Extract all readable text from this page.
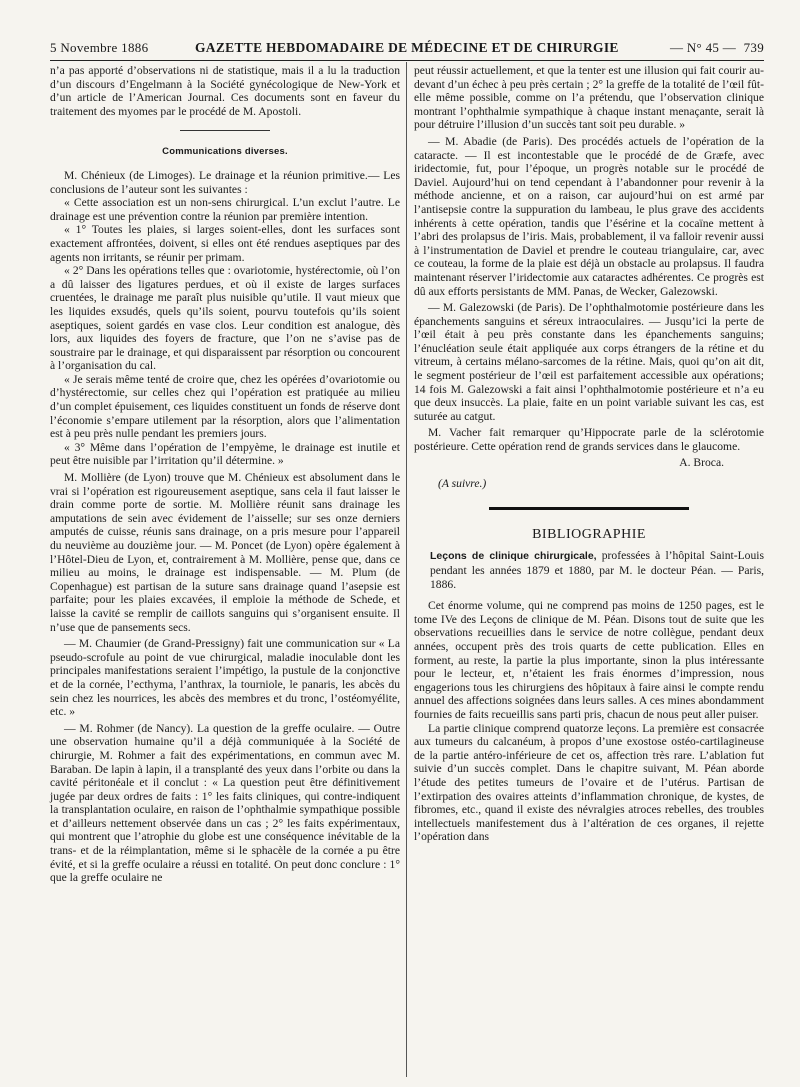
5 Novembre 1886	GAZETTE HEBDOMADAIRE DE MÉDECINE ET DE CHIRURGIE	— N° 45 — 739

n’a pas apporté d’observations ni de statistique, mais il a lu la traduction d’un discours d’Engelmann à la Société gynécologique de New-York et d’un article de l’American Journal. Ces documents sont en faveur du traitement des myomes par le procédé de M. Apostoli.

Communications diverses.

M. Chénieux (de Limoges). Le drainage et la réunion primitive.— Les conclusions de l’auteur sont les suivantes :

« Cette association est un non-sens chirurgical. L’un exclut l’autre. Le drainage est une prévention contre la réunion par première intention.

« 1° Toutes les plaies, si larges soient-elles, dont les surfaces sont exactement affrontées, doivent, si elles ont été rendues aseptiques par des agents non irritants, se réunir per primam.

« 2° Dans les opérations telles que : ovariotomie, hystérectomie, où l’on a dû laisser des ligatures perdues, et où il existe de larges surfaces cruentées, le drainage me paraît plus nuisible qu’utile. Il vaut mieux que les liquides exsudés, quels qu’ils soient, pourvu toutefois qu’ils soient aseptiques, soient gardés en vase clos. Leur condition est analogue, dès lors, aux liquides des foyers de fracture, que l’on ne s’avise pas de soustraire par le drainage, et qui disparaissent par résorption ou concourent à l’organisation du cal.

« Je serais même tenté de croire que, chez les opérées d’ovariotomie ou d’hystérectomie, sur celles chez qui l’opération est pratiquée au milieu d’un complet épuisement, ces liquides constituent un fonds de réserve dont l’économie s’empare utilement par la résorption, alors que l’alimentation est à peu près nulle pendant les premiers jours.

« 3° Même dans l’opération de l’empyème, le drainage est inutile et peut être nuisible par l’irritation qu’il détermine. »

M. Mollière (de Lyon) trouve que M. Chénieux est absolument dans le vrai si l’opération est rigoureusement aseptique, sans cela il faut laisser le drain comme porte de sortie. M. Mollière réunit sans drainage les amputations de sein avec évidement de l’aisselle; sur ses onze derniers amputés de cuisse, réunis sans drainage, on a pris mesure pour l’appareil du neuvième au douzième jour. — M. Poncet (de Lyon) opère également à l’Hôtel-Dieu de Lyon, et, contrairement à M. Mollière, pense que, dans ce milieu au moins, le drainage est indispensable. — M. Plum (de Copenhague) est partisan de la suture sans drainage quand l’asepsie est parfaite; pour les plaies excavées, il emploie la méthode de Schede, et laisse la cavité se remplir de caillots sanguins qui s’organisent ensuite. Il n’use que de pansements secs.

— M. Chaumier (de Grand-Pressigny) fait une communication sur « La pseudo-scrofule au point de vue chirurgical, maladie inoculable dont les principales manifestations seraient l’impétigo, la pustule de la conjonctive et de la cornée, l’ecthyma, l’anthrax, la tourniole, le panaris, les abcès du sein chez les nourrices, les abcès des membres et du tronc, l’ostéomyélite, etc. »

— M. Rohmer (de Nancy). La question de la greffe oculaire. — Outre une observation humaine qu’il a déjà communiquée à la Société de chirurgie, M. Rohmer a fait des expérimentations, en commun avec M. Baraban. De lapin à lapin, il a transplanté des yeux dans l’orbite ou dans la cavité péritonéale et il conclut : « La question peut être définitivement jugée par deux ordres de faits : 1° les faits cliniques, qui contre-indiquent la transplantation oculaire, en raison de l’ophthalmie sympathique possible et d’ailleurs nettement observée dans un cas ; 2° les faits expérimentaux, qui montrent que l’atrophie du globe est une conséquence inévitable de la trans- et de la réimplantation, même si le sphacèle de la cornée a pu être évité, et si la greffe oculaire a réussi en totalité. On peut donc conclure : 1° que la greffe oculaire ne

peut réussir actuellement, et que la tenter est une illusion qui fait courir au-devant d’un échec à peu près certain ; 2° la greffe de la totalité de l’œil fût-elle même possible, comme on l’a prétendu, que l’observation clinique montrant l’ophthalmie sympathique à chaque instant menaçante, serait là pour détruire l’illusion d’un succès tant soit peu durable. »

— M. Abadie (de Paris). Des procédés actuels de l’opération de la cataracte. — Il est incontestable que le procédé de de Græfe, avec iridectomie, fut, pour l’époque, un progrès notable sur le procédé de Daviel. Aujourd’hui on tend cependant à l’abandonner pour revenir à la méthode ancienne, et on a raison, car aujourd’hui on est armé par l’antisepsie contre la suppuration du lambeau, le plus grave des accidents inhérents à cette opération, tandis que l’ésérine et la cocaïne mettent à l’abri des prolapsus de l’iris. Mais, probablement, il va falloir revenir aussi à l’instrumentation de Daviel et prendre le couteau triangulaire, car, avec ce couteau, la forme de la plaie est déjà un obstacle au prolapsus. Il faudra maintenant réserver l’iridectomie aux cataractes adhérentes. Ce progrès est dû aux efforts persistants de MM. Panas, de Wecker, Galezowski.

— M. Galezowski (de Paris). De l’ophthalmotomie postérieure dans les épanchements sanguins et séreux intraoculaires. — Jusqu’ici la perte de l’œil était à peu près constante dans les épanchements sanguins; l’énucléation seule était appliquée aux corps étrangers de la rétine et du vitreum, à certains mélano-sarcomes de la rétine. Mais, quoi qu’on ait dit, le segment postérieur de l’œil est parfaitement accessible aux opérations; 14 fois M. Galezowski a fait ainsi l’ophthalmotomie postérieure et n’a eu que deux insuccès. La plaie, faite en un point variable suivant les cas, est suturée au catgut.

M. Vacher fait remarquer qu’Hippocrate parle de la sclérotomie postérieure. Cette opération rend de grands services dans le glaucome.

A. Broca.
(A suivre.)
BIBLIOGRAPHIE

Leçons de clinique chirurgicale, professées à l’hôpital Saint-Louis pendant les années 1879 et 1880, par M. le docteur Péan. — Paris, 1886.

Cet énorme volume, qui ne comprend pas moins de 1250 pages, est le tome IVe des Leçons de clinique de M. Péan. Disons tout de suite que les observations recueillies dans le service de notre collègue, pendant deux années, occupent près des trois quarts de cette publication. Elles en forment, au reste, la partie la plus importante, sinon la plus intéressante pour le lecteur, et, n’étaient les frais énormes d’impression, nous engagerions tous les chirurgiens des hôpitaux à faire ainsi le compte rendu annuel des affections soignées dans leurs salles. A ces mines abondamment fournies de faits recueillis sans parti pris, chacun de nous peut aller puiser.

La partie clinique comprend quatorze leçons. La première est consacrée aux tumeurs du calcanéum, à propos d’une exostose ostéo-cartilagineuse de la partie antéro-inférieure de cet os, affection très rare. L’ablation fut suivie d’un succès complet. Dans le chapitre suivant, M. Péan aborde l’étude des petites tumeurs de l’ovaire et de l’utérus. Partisan de l’extirpation des ovaires atteints d’inflammation chronique, de kystes, de fibromes, etc., quand il existe des névralgies atroces rebelles, des troubles intellectuels manifestement dus à l’altération de ces organes, il rejette l’opération dans
